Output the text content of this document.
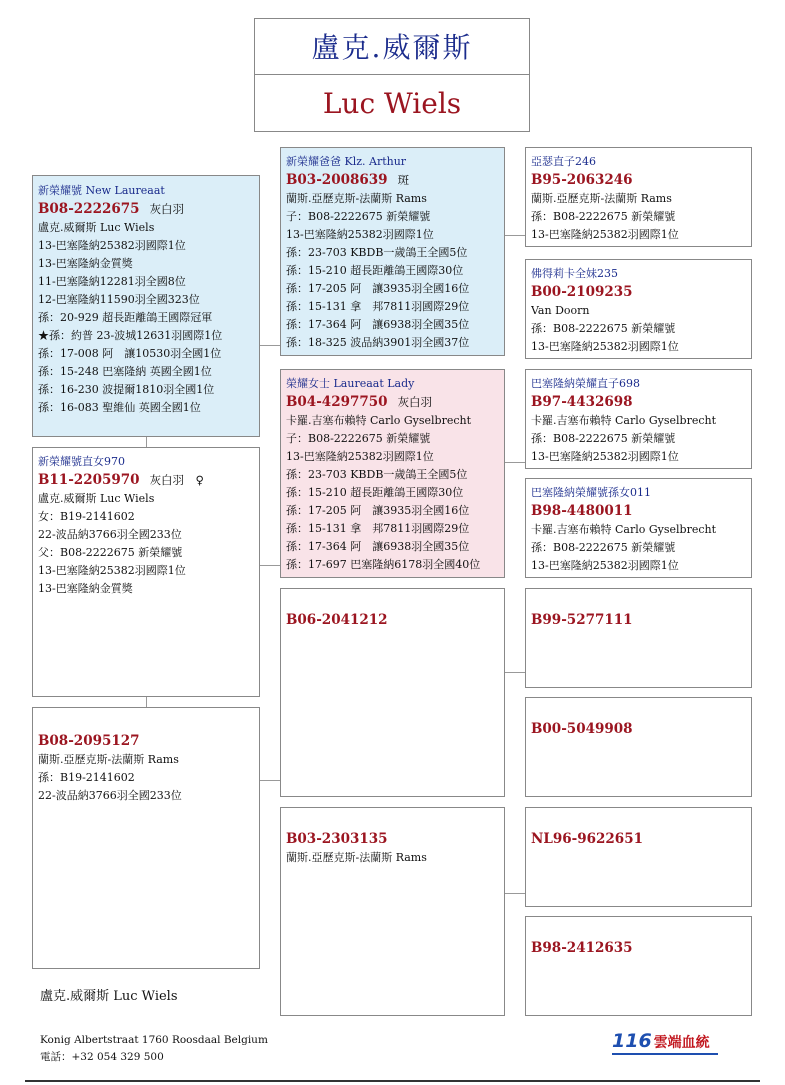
盧克.威爾斯
Luc Wiels
新榮耀號 New Laureaat
B08-2222675 灰白羽
盧克.威爾斯 Luc Wiels
13-巴塞隆納25382羽國際1位
13-巴塞隆納金質獎
11-巴塞隆納12281羽全國8位
12-巴塞隆納11590羽全國323位
孫：20-929 超長距離鴿王國際冠軍
★孫：約普 23-波城12631羽國際1位
孫：17-008 阿　讓10530羽全國1位
孫：15-248 巴塞隆納 英國全國1位
孫：16-230 波提爾1810羽全國1位
孫：16-083 聖維仙 英國全國1位
新榮耀號直女970
B11-2205970 灰白羽　♀
盧克.威爾斯 Luc Wiels
女：B19-2141602
22-波品納3766羽全國233位
父：B08-2222675 新榮耀號
13-巴塞隆納25382羽國際1位
13-巴塞隆納金質獎
B08-2095127
蘭斯.亞歷克斯-法蘭斯 Rams
孫：B19-2141602
22-波品納3766羽全國233位
新榮耀爸爸 Klz. Arthur
B03-2008639 斑
蘭斯.亞歷克斯-法蘭斯 Rams
子：B08-2222675 新榮耀號
13-巴塞隆納25382羽國際1位
孫：23-703 KBDB一歲鴿王全國5位
孫：15-210 超長距離鴿王國際30位
孫：17-205 阿　讓3935羽全國16位
孫：15-131 拿　邦7811羽國際29位
孫：17-364 阿　讓6938羽全國35位
孫：18-325 波品納3901羽全國37位
榮耀女士 Laureaat Lady
B04-4297750 灰白羽
卡羅.吉塞布賴特 Carlo Gyselbrecht
子：B08-2222675 新榮耀號
13-巴塞隆納25382羽國際1位
孫：23-703 KBDB一歲鴿王全國5位
孫：15-210 超長距離鴿王國際30位
孫：17-205 阿　讓3935羽全國16位
孫：15-131 拿　邦7811羽國際29位
孫：17-364 阿　讓6938羽全國35位
孫：17-697 巴塞隆納6178羽全國40位
B06-2041212
B03-2303135
蘭斯.亞歷克斯-法蘭斯 Rams
亞瑟直子246
B95-2063246
蘭斯.亞歷克斯-法蘭斯 Rams
孫：B08-2222675 新榮耀號
13-巴塞隆納25382羽國際1位
佛得莉卡全妹235
B00-2109235
Van Doorn
孫：B08-2222675 新榮耀號
13-巴塞隆納25382羽國際1位
巴塞隆納榮耀直子698
B97-4432698
卡羅.吉塞布賴特 Carlo Gyselbrecht
孫：B08-2222675 新榮耀號
13-巴塞隆納25382羽國際1位
巴塞隆納榮耀號孫女011
B98-4480011
卡羅.吉塞布賴特 Carlo Gyselbrecht
孫：B08-2222675 新榮耀號
13-巴塞隆納25382羽國際1位
B99-5277111
B00-5049908
NL96-9622651
B98-2412635
盧克.威爾斯 Luc Wiels
Konig Albertstraat 1760 Roosdaal Belgium
電話：+32 054 329 500
116 雲端血統
